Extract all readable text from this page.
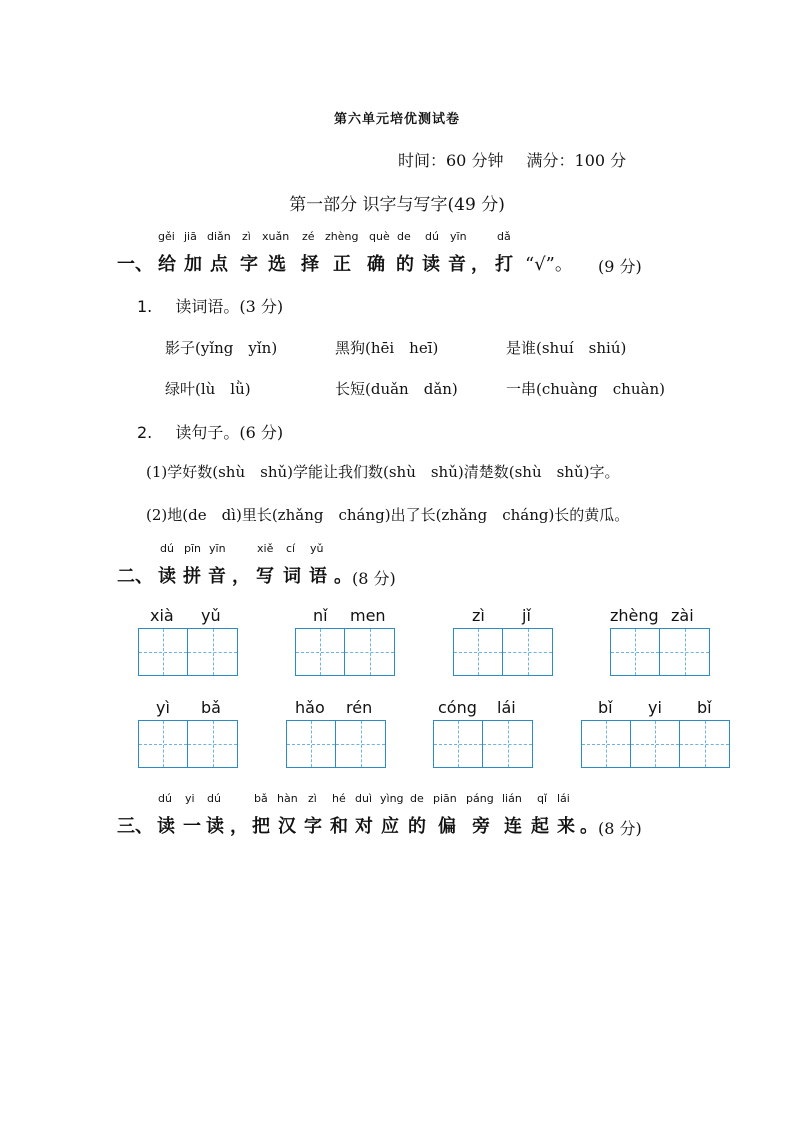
第六单元培优测试卷
时间：60 分钟 满分：100 分
第一部分 识字与写字(49 分)
gěi jiā diǎn zì xuǎn zé zhèng què de dú yīn	dǎ
一、 给 加 点 字 选 择 正 确 的 读 音 ， 打 “√”。 (9 分)
1. 读词语。(3 分)
影子(yǐng　yǐn)	黑狗(hēi　heī)	是谁(shuí　shiú)
绿叶(lù　lǜ)	长短(duǎn　dǎn)	一串(chuàng　chuàn)
2. 读句子。(6 分)
(1)学好数(shù　shǔ)学能让我们数(shù　shǔ)清楚数(shù　shǔ)字。
(2)地(de　dì)里长(zhǎng　cháng)出了长(zhǎng　cháng)长的黄瓜。
dú pīn yīn	xiě cí yǔ
二、 读 拼 音 ， 写 词 语 。 (8 分)
xià yǔ	nǐ men	zì jǐ	zhèng zài
yì bǎ	hǎo rén	cóng lái	bǐ yi bǐ
dú yi dú	bǎ hàn zì hé duì yìng de piān páng lián qǐ lái
三、 读 一 读 ， 把 汉 字 和 对 应 的 偏 旁 连 起 来 。 (8 分)
